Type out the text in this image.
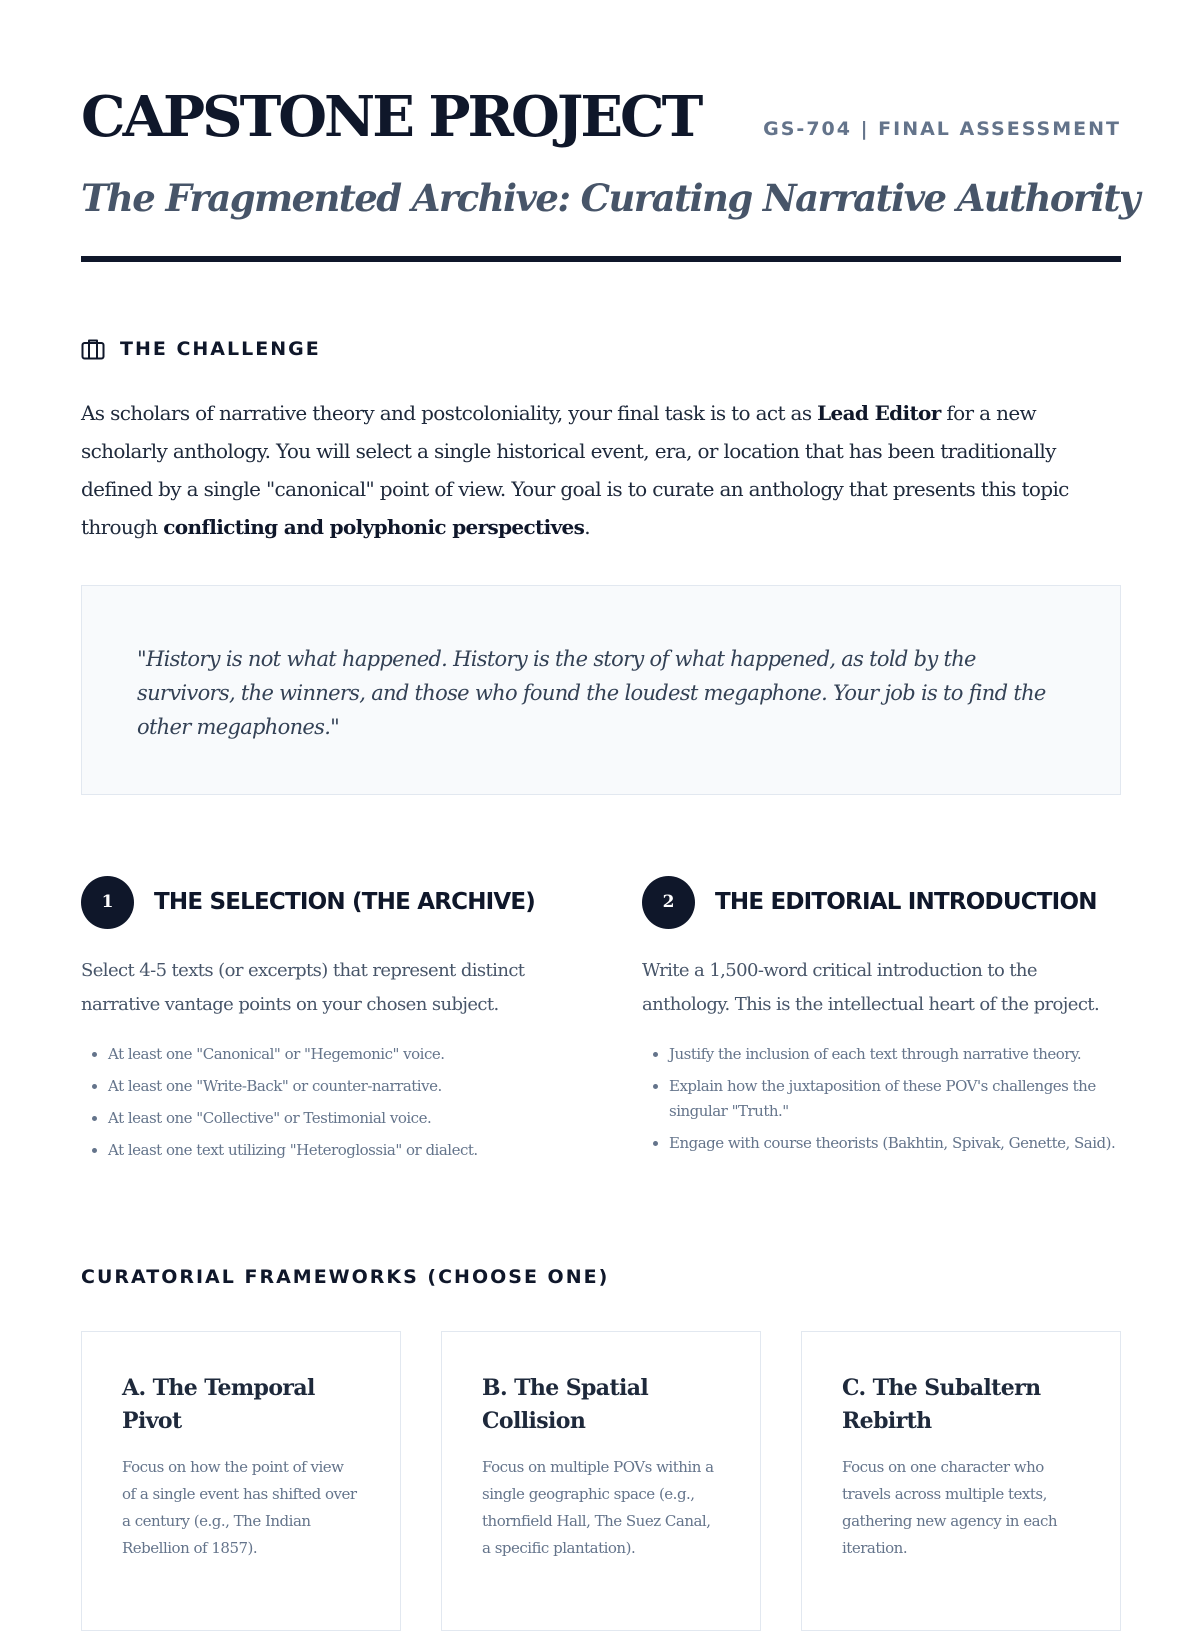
CAPSTONE PROJECT	GS-704 | FINAL ASSESSMENT
The Fragmented Archive: Curating Narrative Authority
THE CHALLENGE

As scholars of narrative theory and postcoloniality, your final task is to act as Lead Editor for a new scholarly anthology. You will select a single historical event, era, or location that has been traditionally defined by a single "canonical" point of view. Your goal is to curate an anthology that presents this topic through conflicting and polyphonic perspectives.

"History is not what happened. History is the story of what happened, as told by the survivors, the winners, and those who found the loudest megaphone. Your job is to find the other megaphones."

1	THE SELECTION (THE ARCHIVE)

Select 4-5 texts (or excerpts) that represent distinct narrative vantage points on your chosen subject.

• At least one "Canonical" or "Hegemonic" voice.
• At least one "Write-Back" or counter-narrative.
• At least one "Collective" or Testimonial voice.
• At least one text utilizing "Heteroglossia" or dialect.
2	THE EDITORIAL INTRODUCTION

Write a 1,500-word critical introduction to the anthology. This is the intellectual heart of the project.

• Justify the inclusion of each text through narrative theory.
• Explain how the juxtaposition of these POV's challenges the singular "Truth."
• Engage with course theorists (Bakhtin, Spivak, Genette, Said).
CURATORIAL FRAMEWORKS (CHOOSE ONE)
A. The Temporal Pivot

Focus on how the point of view of a single event has shifted over a century (e.g., The Indian Rebellion of 1857).

B. The Spatial Collision

Focus on multiple POVs within a single geographic space (e.g., thornfield Hall, The Suez Canal, a specific plantation).

C. The Subaltern Rebirth

Focus on one character who travels across multiple texts, gathering new agency in each iteration.
